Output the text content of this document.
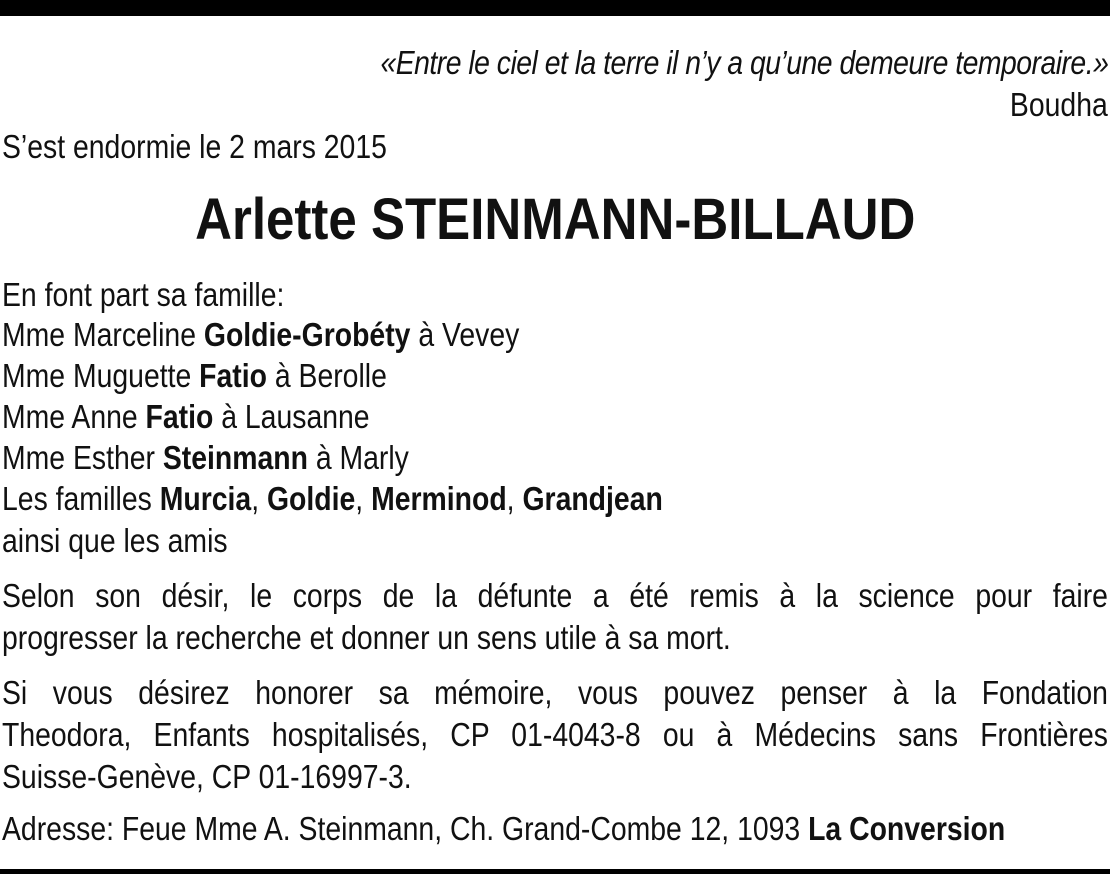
«Entre le ciel et la terre il n’y a qu’une demeure temporaire.»
Boudha
S’est endormie le 2 mars 2015
Arlette STEINMANN-BILLAUD
En font part sa famille:
Mme Marceline Goldie-Grobéty à Vevey
Mme Muguette Fatio à Berolle
Mme Anne Fatio à Lausanne
Mme Esther Steinmann à Marly
Les familles Murcia, Goldie, Merminod, Grandjean
ainsi que les amis
Selon son désir, le corps de la défunte a été remis à la science pour faire
progresser la recherche et donner un sens utile à sa mort.
Si vous désirez honorer sa mémoire, vous pouvez penser à la Fondation
Theodora, Enfants hospitalisés, CP 01-4043-8 ou à Médecins sans Frontières
Suisse-Genève, CP 01-16997-3.
Adresse: Feue Mme A. Steinmann, Ch. Grand-Combe 12, 1093 La Conversion
